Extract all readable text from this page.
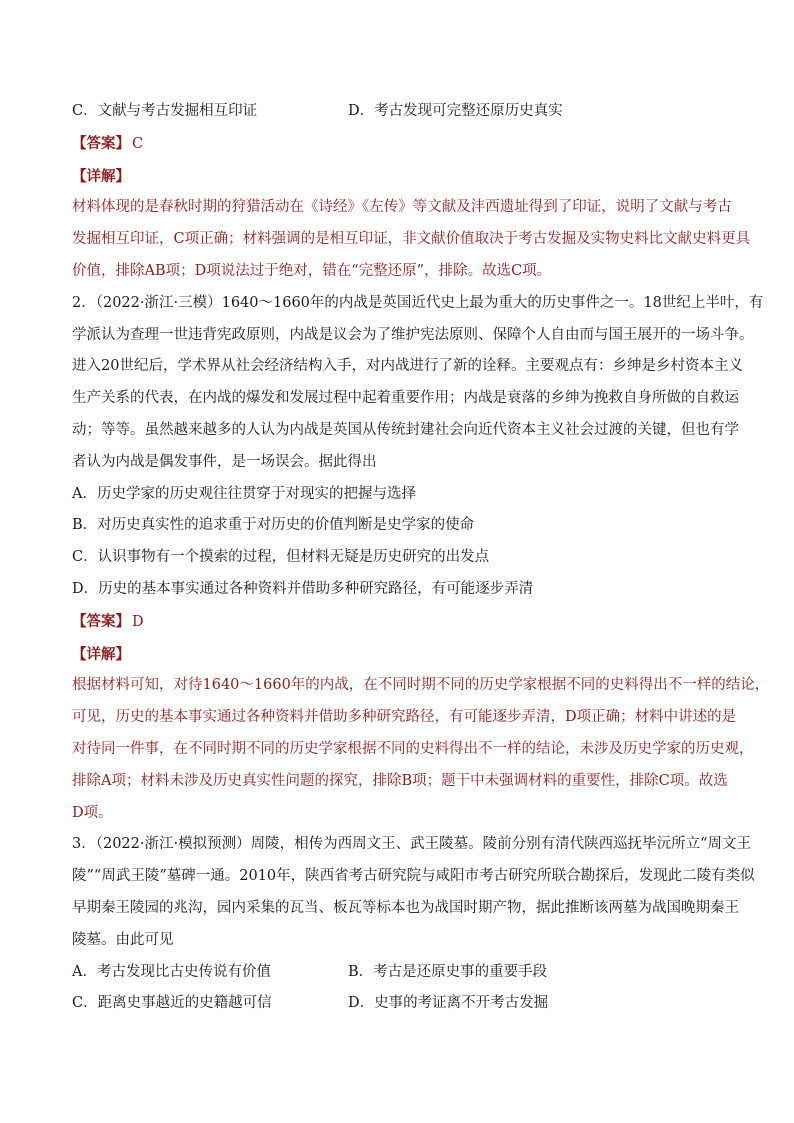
C．文献与考古发掘相互印证	D．考古发现可完整还原历史真实
【答案】 C
【详解】
材料体现的是春秋时期的狩猎活动在《诗经》《左传》等文献及沣西遗址得到了印证，说明了文献与考古
发掘相互印证，C项正确；材料强调的是相互印证，非文献价值取决于考古发掘及实物史料比文献史料更具
价值，排除AB项；D项说法过于绝对，错在“完整还原”，排除。故选C项。
2．（2022·浙江·三模）1640～1660年的内战是英国近代史上最为重大的历史事件之一。18世纪上半叶，有
学派认为查理一世违背宪政原则，内战是议会为了维护宪法原则、保障个人自由而与国王展开的一场斗争。
进入20世纪后，学术界从社会经济结构入手，对内战进行了新的诠释。主要观点有：乡绅是乡村资本主义
生产关系的代表，在内战的爆发和发展过程中起着重要作用；内战是衰落的乡绅为挽救自身所做的自救运
动；等等。虽然越来越多的人认为内战是英国从传统封建社会向近代资本主义社会过渡的关键，但也有学
者认为内战是偶发事件，是一场误会。据此得出
A．历史学家的历史观往往贯穿于对现实的把握与选择
B．对历史真实性的追求重于对历史的价值判断是史学家的使命
C．认识事物有一个摸索的过程，但材料无疑是历史研究的出发点
D．历史的基本事实通过各种资料并借助多种研究路径，有可能逐步弄清
【答案】 D
【详解】
根据材料可知，对待1640～1660年的内战，在不同时期不同的历史学家根据不同的史料得出不一样的结论，
可见，历史的基本事实通过各种资料并借助多种研究路径，有可能逐步弄清，D项正确；材料中讲述的是
对待同一件事，在不同时期不同的历史学家根据不同的史料得出不一样的结论，未涉及历史学家的历史观，
排除A项；材料未涉及历史真实性问题的探究，排除B项；题干中未强调材料的重要性，排除C项。故选
D项。
3．（2022·浙江·模拟预测）周陵，相传为西周文王、武王陵墓。陵前分别有清代陕西巡抚毕沅所立“周文王
陵”“周武王陵”墓碑一通。2010年，陕西省考古研究院与咸阳市考古研究所联合勘探后，发现此二陵有类似
早期秦王陵园的兆沟，园内采集的瓦当、板瓦等标本也为战国时期产物，据此推断该两墓为战国晚期秦王
陵墓。由此可见
A．考古发现比古史传说有价值	B．考古是还原史事的重要手段
C．距离史事越近的史籍越可信	D．史事的考证离不开考古发掘
